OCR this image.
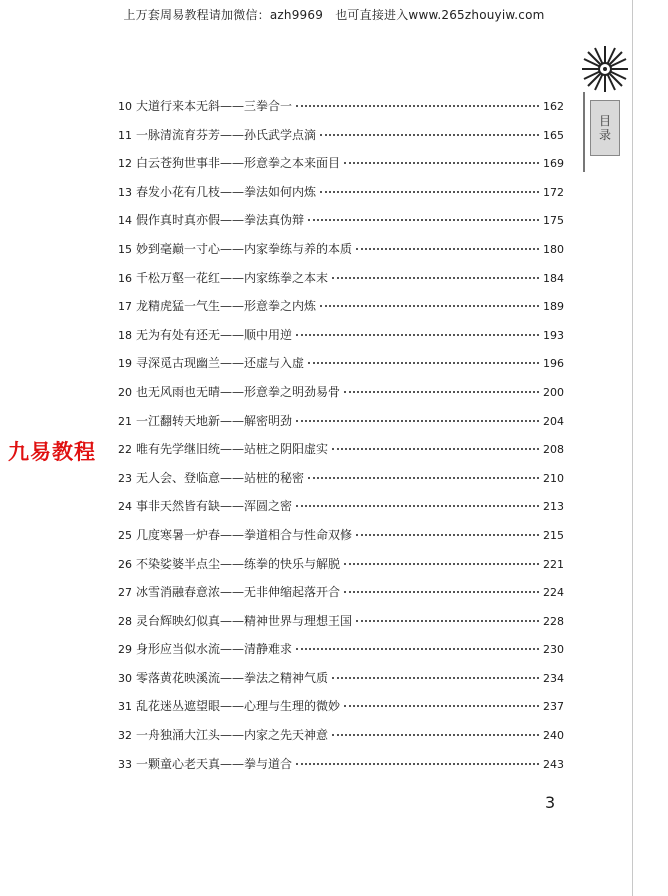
上万套周易教程请加微信：azh9969　也可直接进入www.265zhouyiw.com
目
录
九易教程
10 大道行来本无斜——三拳合一	162
11 一脉清流育芬芳——孙氏武学点滴	165
12 白云苍狗世事非——形意拳之本来面目	169
13 春发小花有几枝——拳法如何内炼	172
14 假作真时真亦假——拳法真伪辩	175
15 妙到毫巅一寸心——内家拳练与养的本质	180
16 千松万壑一花红——内家练拳之本末	184
17 龙精虎猛一气生——形意拳之内炼	189
18 无为有处有还无——顺中用逆	193
19 寻深觅古现幽兰——还虚与入虚	196
20 也无风雨也无晴——形意拳之明劲易骨	200
21 一江翻转天地新——解密明劲	204
22 唯有先学继旧统——站桩之阴阳虚实	208
23 无人会、登临意——站桩的秘密	210
24 事非天然皆有缺——浑圆之密	213
25 几度寒暑一炉春——拳道相合与性命双修	215
26 不染娑婆半点尘——练拳的快乐与解脱	221
27 冰雪消融春意浓——无非伸缩起落开合	224
28 灵台辉映幻似真——精神世界与理想王国	228
29 身形应当似水流——清静难求	230
30 零落黄花映溪流——拳法之精神气质	234
31 乱花迷丛遮望眼——心理与生理的微妙	237
32 一舟独涌大江头——内家之先天神意	240
33 一颗童心老天真——拳与道合	243
3
